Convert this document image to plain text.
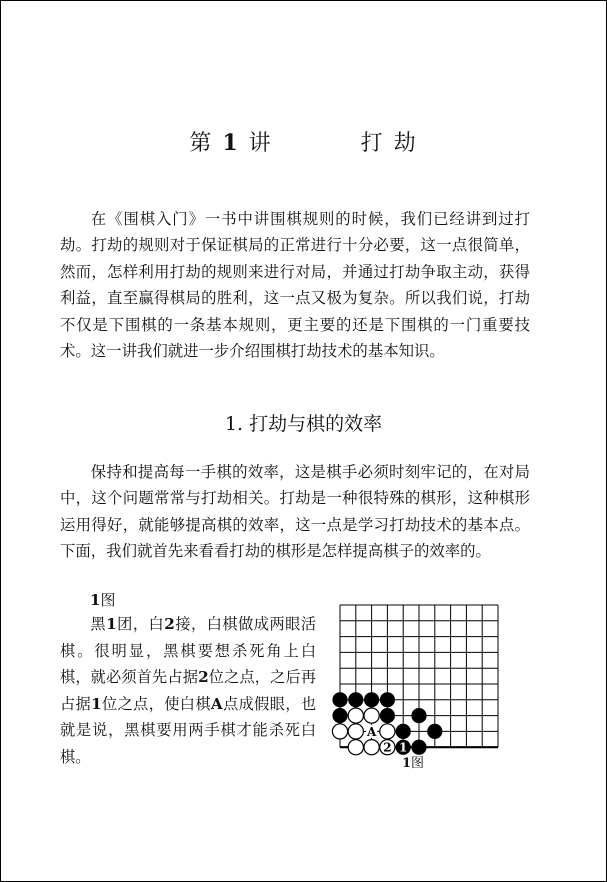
第 1 讲	打 劫
在《围棋入门》一书中讲围棋规则的时候，我们已经讲到过打劫。打劫的规则对于保证棋局的正常进行十分必要，这一点很简单，然而，怎样利用打劫的规则来进行对局，并通过打劫争取主动，获得利益，直至赢得棋局的胜利，这一点又极为复杂。所以我们说，打劫不仅是下围棋的一条基本规则，更主要的还是下围棋的一门重要技术。这一讲我们就进一步介绍围棋打劫技术的基本知识。
1. 打劫与棋的效率
保持和提高每一手棋的效率，这是棋手必须时刻牢记的，在对局中，这个问题常常与打劫相关。打劫是一种很特殊的棋形，这种棋形运用得好，就能够提高棋的效率，这一点是学习打劫技术的基本点。下面，我们就首先来看看打劫的棋形是怎样提高棋子的效率的。
1图
黑1团，白2接，白棋做成两眼活棋。很明显，黑棋要想杀死角上白棋，就必须首先占据2位之点，之后再占据1位之点，使白棋A点成假眼，也就是说，黑棋要用两手棋才能杀死白棋。
2 1
A
1图
